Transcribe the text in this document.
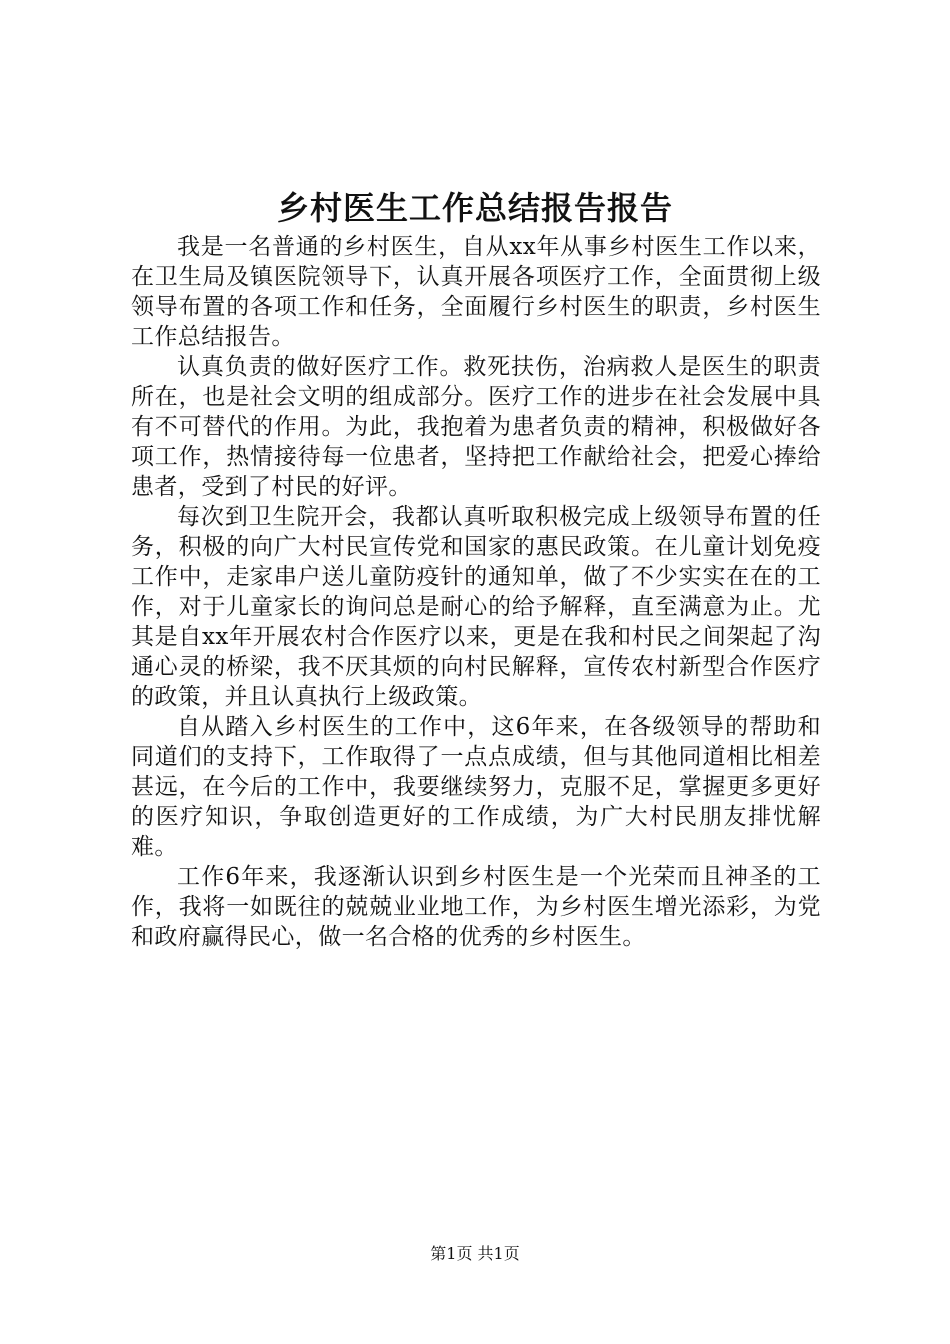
乡村医生工作总结报告报告

我是一名普通的乡村医生，自从xx年从事乡村医生工作以来，在卫生局及镇医院领导下，认真开展各项医疗工作，全面贯彻上级领导布置的各项工作和任务，全面履行乡村医生的职责，乡村医生工作总结报告。

认真负责的做好医疗工作。救死扶伤，治病救人是医生的职责所在，也是社会文明的组成部分。医疗工作的进步在社会发展中具有不可替代的作用。为此，我抱着为患者负责的精神，积极做好各项工作，热情接待每一位患者，坚持把工作献给社会，把爱心捧给患者，受到了村民的好评。

每次到卫生院开会，我都认真听取积极完成上级领导布置的任务，积极的向广大村民宣传党和国家的惠民政策。在儿童计划免疫工作中，走家串户送儿童防疫针的通知单，做了不少实实在在的工作，对于儿童家长的询问总是耐心的给予解释，直至满意为止。尤其是自xx年开展农村合作医疗以来，更是在我和村民之间架起了沟通心灵的桥梁，我不厌其烦的向村民解释，宣传农村新型合作医疗的政策，并且认真执行上级政策。

自从踏入乡村医生的工作中，这6年来，在各级领导的帮助和同道们的支持下，工作取得了一点点成绩，但与其他同道相比相差甚远，在今后的工作中，我要继续努力，克服不足，掌握更多更好的医疗知识，争取创造更好的工作成绩，为广大村民朋友排忧解难。

工作6年来，我逐渐认识到乡村医生是一个光荣而且神圣的工作，我将一如既往的兢兢业业地工作，为乡村医生增光添彩，为党和政府赢得民心，做一名合格的优秀的乡村医生。

第1页 共1页
